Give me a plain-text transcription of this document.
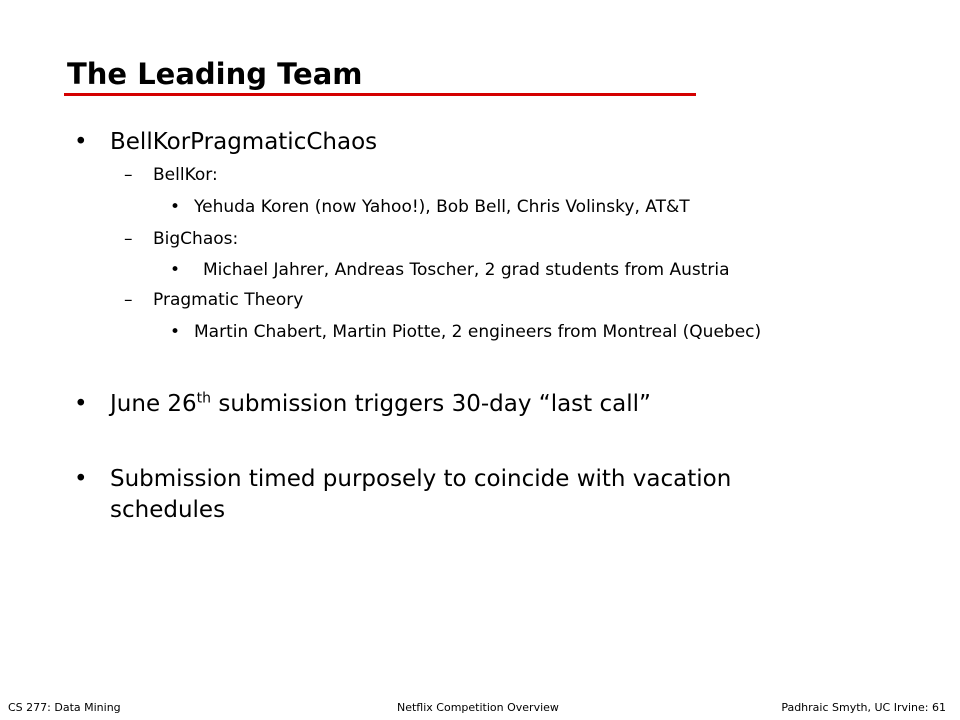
The Leading Team
• BellKorPragmaticChaos
– BellKor:
• Yehuda Koren (now Yahoo!), Bob Bell, Chris Volinsky, AT&T
– BigChaos:
• Michael Jahrer, Andreas Toscher, 2 grad students from Austria
– Pragmatic Theory
• Martin Chabert, Martin Piotte, 2 engineers from Montreal (Quebec)
• June 26th submission triggers 30-day “last call”
• Submission timed purposely to coincide with vacation
schedules
CS 277: Data Mining	Netflix Competition Overview	Padhraic Smyth, UC Irvine: 61
